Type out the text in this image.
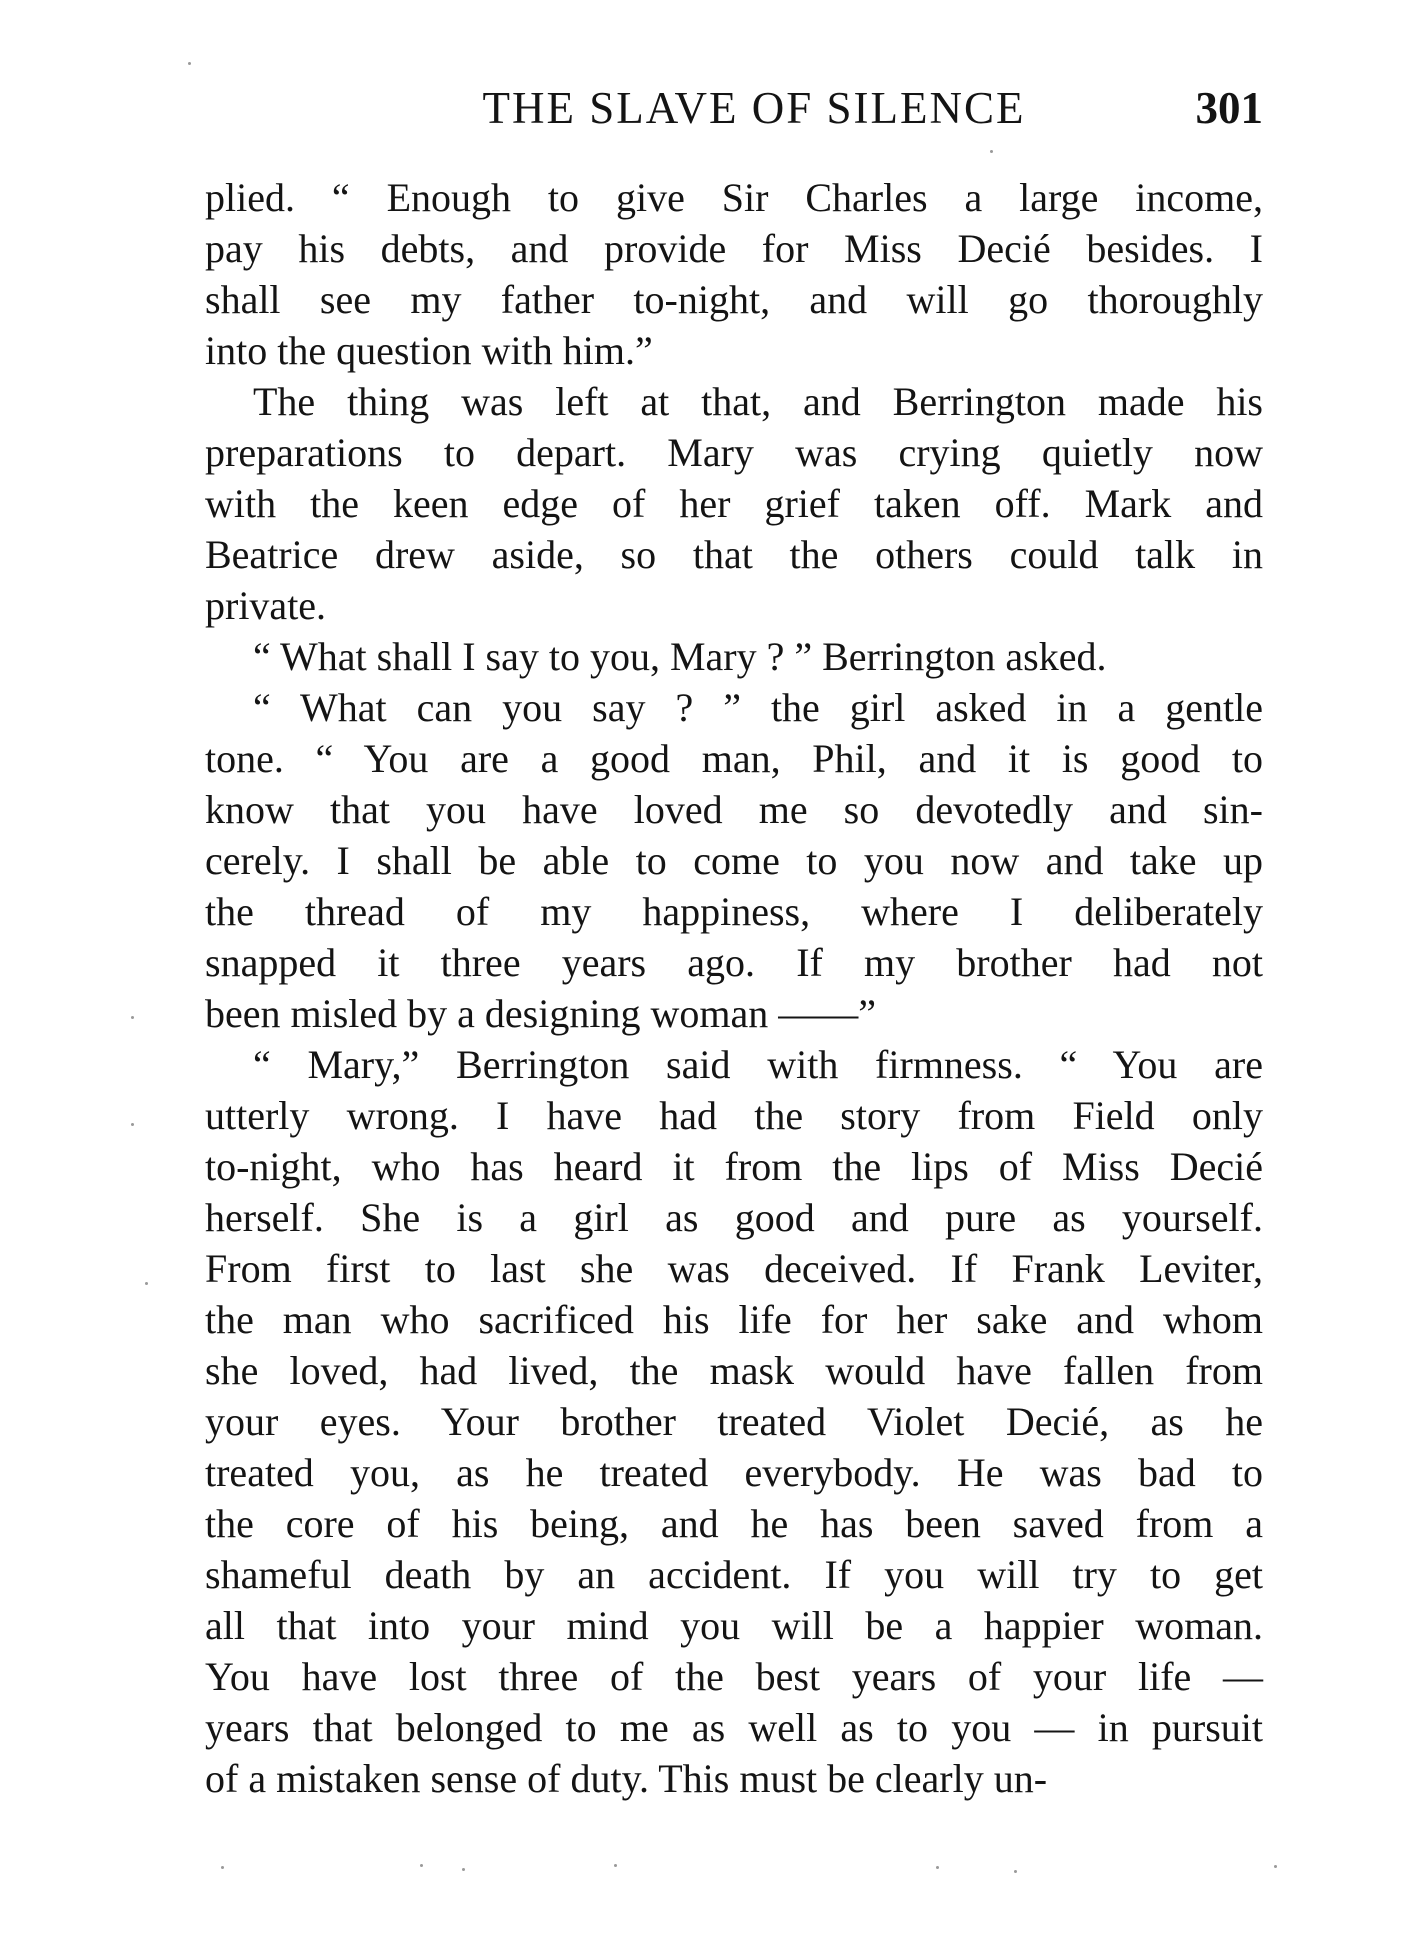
THE SLAVE OF SILENCE	301
plied. “ Enough to give Sir Charles a large income,
pay his debts, and provide for Miss Decié besides. I
shall see my father to-night, and will go thoroughly
into the question with him.”
The thing was left at that, and Berrington made his
preparations to depart. Mary was crying quietly now
with the keen edge of her grief taken off. Mark and
Beatrice drew aside, so that the others could talk in
private.
“ What shall I say to you, Mary ? ” Berrington asked.
“ What can you say ? ” the girl asked in a gentle
tone. “ You are a good man, Phil, and it is good to
know that you have loved me so devotedly and sin-
cerely. I shall be able to come to you now and take up
the thread of my happiness, where I deliberately
snapped it three years ago. If my brother had not
been misled by a designing woman ——”
“ Mary,” Berrington said with firmness. “ You are
utterly wrong. I have had the story from Field only
to-night, who has heard it from the lips of Miss Decié
herself. She is a girl as good and pure as yourself.
From first to last she was deceived. If Frank Leviter,
the man who sacrificed his life for her sake and whom
she loved, had lived, the mask would have fallen from
your eyes. Your brother treated Violet Decié, as he
treated you, as he treated everybody. He was bad to
the core of his being, and he has been saved from a
shameful death by an accident. If you will try to get
all that into your mind you will be a happier woman.
You have lost three of the best years of your life —
years that belonged to me as well as to you — in pursuit
of a mistaken sense of duty. This must be clearly un-
